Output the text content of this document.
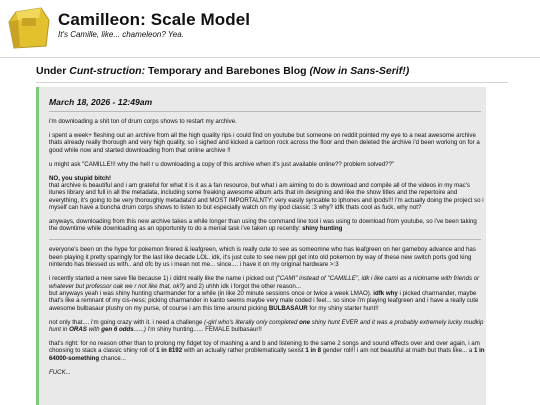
Camilleon: Scale Model
It's Camille, like... chameleon? Yea.
Under Cunt-struction: Temporary and Barebones Blog (Now in Sans-Serif!)
March 18, 2026 - 12:49am

i'm downloading a shit ton of drum corps shows to restart my archive.

i spent a week+ fleshing out an archive from all the high quality rips i could find on youtube but someone on reddit pointed my eye to a neat awesome archive thats already really thorough and very high quality, so i sighed and kicked a cartoon rock across the floor and then deleted the archive i'd been working on for a good while now and started downloading from that online archive !!

u might ask "CAMILLE!!! why the hell r u downloading a copy of this archive when it's just available online?? problem solved??"

NO, you stupid bitch!
that archive is beautiful and i am grateful for what it is it as a fan resource, but what i am aiming to do is download and compile all of the videos in my mac's itunes library and full in all the metadata, including some freaking awesome album arts that im designing and like the show titles and the repertoire and everything, it's going to be very thoroughly metadata'd and MOST IMPORTALNTY: very easily syncable to iphones and ipods!!! i'm actually doing the project so i myself can have a buncha drum corps shows to listen to but especially watch on my ipod classic :3 why? idfk thats cool as fuck, why not?

anyways, downloading from this new archive takes a while longer than using the command line tool i was using to download from youtube, so i've been taking the downtime while downloading as an opportunity to do a menial task i've taken up recently: shiny hunting

everyone's been on the hype for pokemon firered & leafgreen, which is really cute to see as someomne who has leafgreen on her gameboy advance and has been playing it pretty sparingly for the last like decade LOL. idk, it's just cute to see new ppl get into old pokemon by way of these new switch ports god king nintendo has blessed us with.. and ofc by us i mean not me... since.... i have it on my original hardware >:3

i recently started a new save file because 1) i didnt really like the name i picked out ("CAMI" instead of "CAMILLE", idk i like cami as a nickname with friends or whatever but professor oak we r not like that, ok?) and 2) uhhh idk i forgot the other reason...
but anyways yeah i was shiny hunting charmander for a while (in like 20 minute sessions once or twice a week LMAO). idfk why i picked charmander, maybe that's like a remnant of my cis-ness; picking charmander in kanto seems maybe very male coded i feel... so since i'm playing leafgreen and i have a really cute awesome bulbasaur plushy on my purse, of course i am this time around picking BULBASAUR for my shiny starter hunt!!

not only that.... i'm going crazy with it. i need a challenge (-girl who's literally only completed one shiny hunt EVER and it was a probably extremely lucky mudkip hunt in ORAS with gen 6 odds......) i'm shiny hunting...... FEMALE bulbasaur!!

that's right: for no reason other than to prolong my fidget toy of mashing a and b and listening to the same 2 songs and sound effects over and over again, i am choosing to stack a classic shiny roll of 1 in 8192 with an actually rather problematically sexist 1 in 8 gender roll!! i am not beautiful at math but thats like... a 1 in 64000-something chance...

FUCK...
